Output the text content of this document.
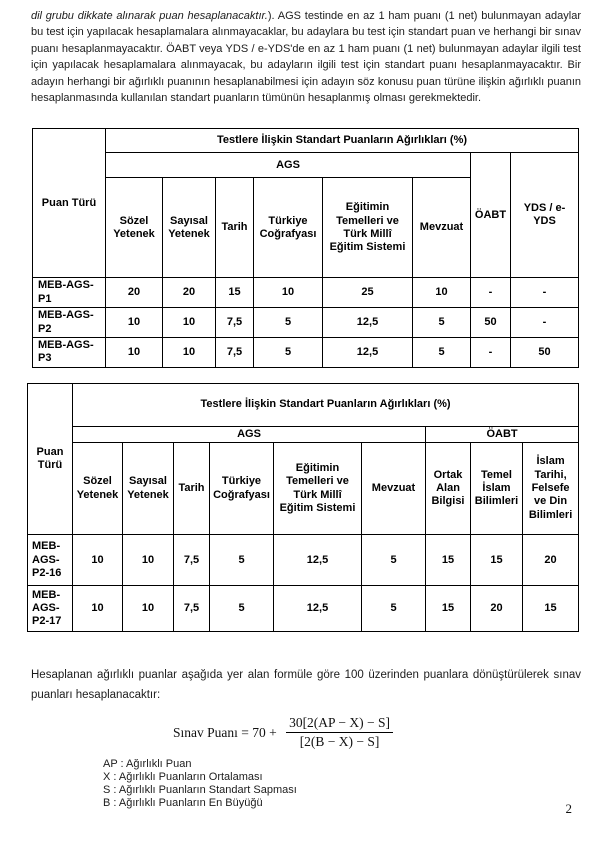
dil grubu dikkate alınarak puan hesaplanacaktır.). AGS testinde en az 1 ham puanı (1 net) bulunmayan adaylar bu test için yapılacak hesaplamalara alınmayacaklar, bu adaylara bu test için standart puan ve herhangi bir sınav puanı hesaplanmayacaktır. ÖABT veya YDS / e-YDS'de en az 1 ham puanı (1 net) bulunmayan adaylar ilgili test için yapılacak hesaplamalara alınmayacak, bu adayların ilgili test için standart puanı hesaplanmayacaktır. Bir adayın herhangi bir ağırlıklı puanının hesaplanabilmesi için adayın söz konusu puan türüne ilişkin ağırlıklı puanın hesaplanmasında kullanılan standart puanların tümünün hesaplanmış olması gerekmektedir.

Puan Türü	Testlere İlişkin Standart Puanların Ağırlıkları (%)							
	AGS						ÖABT	YDS / e-YDS
	Sözel Yetenek	Sayısal Yetenek	Tarih	Türkiye Coğrafyası	Eğitimin Temelleri ve Türk Millî Eğitim Sistemi	Mevzuat		
MEB-AGS-P1	20	20	15	10	25	10	-	-
MEB-AGS-P2	10	10	7,5	5	12,5	5	50	-
MEB-AGS-P3	10	10	7,5	5	12,5	5	-	50
Puan Türü	Testlere İlişkin Standart Puanların Ağırlıkları (%)								
	AGS						ÖABT		
	Sözel Yetenek	Sayısal Yetenek	Tarih	Türkiye Coğrafyası	Eğitimin Temelleri ve Türk Millî Eğitim Sistemi	Mevzuat	Ortak Alan Bilgisi	Temel İslam Bilimleri	İslam Tarihi, Felsefe ve Din Bilimleri
MEB-AGS-P2-16	10	10	7,5	5	12,5	5	15	15	20
MEB-AGS-P2-17	10	10	7,5	5	12,5	5	15	20	15

Hesaplanan ağırlıklı puanlar aşağıda yer alan formüle göre 100 üzerinden puanlara dönüştürülerek sınav puanları hesaplanacaktır:

Sınav Puanı = $70 + \frac{30[2(AP - X) - S]}{[2(B - X) - S]}$
AP : Ağırlıklı Puan
X : Ağırlıklı Puanların Ortalaması
S : Ağırlıklı Puanların Standart Sapması
B : Ağırlıklı Puanların En Büyüğü	2
